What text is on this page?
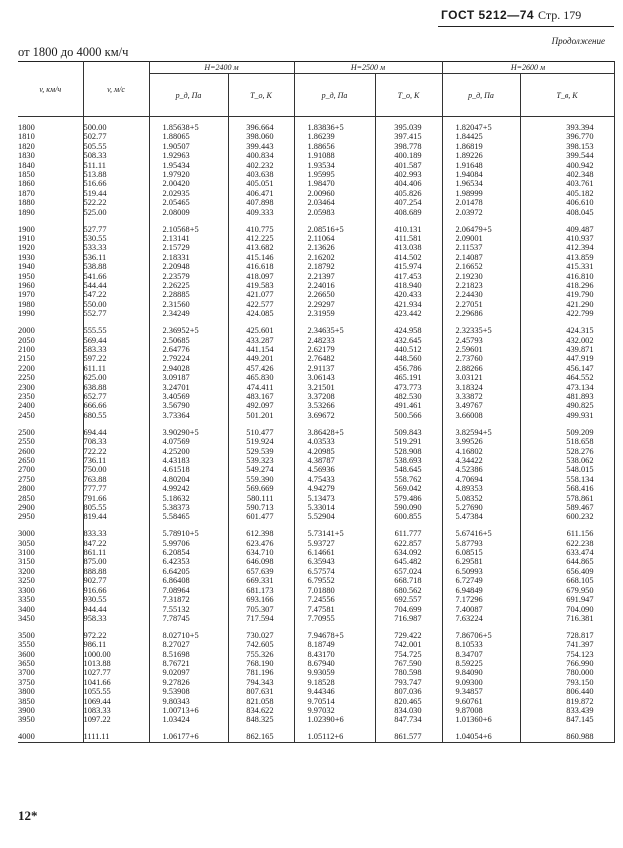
ГОСТ 5212—74 Стр. 179
Продолжение
от 1800 до 4000 км/ч
v, км/ч	v, м/с	H=2400 м		H=2500 м		H=2600 м	
		p_д, Па	T_о, К	p_д, Па	T_о, К	p_д, Па	T_в, К

1800	500.00	1.85638+5	396.664	1.83836+5	395.039	1.82047+5	393.394
1810	502.77	1.88065	398.060	1.86239	397.415	1.84425	396.770
1820	505.55	1.90507	399.443	1.88656	398.778	1.86819	398.153
1830	508.33	1.92963	400.834	1.91088	400.189	1.89226	399.544
1840	511.11	1.95434	402.232	1.93534	401.587	1.91648	400.942
1850	513.88	1.97920	403.638	1.95995	402.993	1.94084	402.348
1860	516.66	2.00420	405.051	1.98470	404.406	1.96534	403.761
1870	519.44	2.02935	406.471	2.00960	405.826	1.98999	405.182
1880	522.22	2.05465	407.898	2.03464	407.254	2.01478	406.610
1890	525.00	2.08009	409.333	2.05983	408.689	2.03972	408.045

1900	527.77	2.10568+5	410.775	2.08516+5	410.131	2.06479+5	409.487
1910	530.55	2.13141	412.225	2.11064	411.581	2.09001	410.937
1920	533.33	2.15729	413.682	2.13626	413.038	2.11537	412.394
1930	536.11	2.18331	415.146	2.16202	414.502	2.14087	413.859
1940	538.88	2.20948	416.618	2.18792	415.974	2.16652	415.331
1950	541.66	2.23579	418.097	2.21397	417.453	2.19230	416.810
1960	544.44	2.26225	419.583	2.24016	418.940	2.21823	418.296
1970	547.22	2.28885	421.077	2.26650	420.433	2.24430	419.790
1980	550.00	2.31560	422.577	2.29297	421.934	2.27051	421.290
1990	552.77	2.34249	424.085	2.31959	423.442	2.29686	422.799

2000	555.55	2.36952+5	425.601	2.34635+5	424.958	2.32335+5	424.315
2050	569.44	2.50685	433.287	2.48233	432.645	2.45793	432.002
2100	583.33	2.64776	441.154	2.62179	440.512	2.59601	439.871
2150	597.22	2.79224	449.201	2.76482	448.560	2.73760	447.919
2200	611.11	2.94028	457.426	2.91137	456.786	2.88266	456.147
2250	625.00	3.09187	465.830	3.06143	465.191	3.03121	464.552
2300	638.88	3.24701	474.411	3.21501	473.773	3.18324	473.134
2350	652.77	3.40569	483.167	3.37208	482.530	3.33872	481.893
2400	666.66	3.56790	492.097	3.53266	491.461	3.49767	490.825
2450	680.55	3.73364	501.201	3.69672	500.566	3.66008	499.931

2500	694.44	3.90290+5	510.477	3.86428+5	509.843	3.82594+5	509.209
2550	708.33	4.07569	519.924	4.03533	519.291	3.99526	518.658
2600	722.22	4.25200	529.539	4.20985	528.908	4.16802	528.276
2650	736.11	4.43183	539.323	4.38787	538.693	4.34422	538.062
2700	750.00	4.61518	549.274	4.56936	548.645	4.52386	548.015
2750	763.88	4.80204	559.390	4.75433	558.762	4.70694	558.134
2800	777.77	4.99242	569.669	4.94279	569.042	4.89353	568.416
2850	791.66	5.18632	580.111	5.13473	579.486	5.08352	578.861
2900	805.55	5.38373	590.713	5.33014	590.090	5.27690	589.467
2950	819.44	5.58465	601.477	5.52904	600.855	5.47384	600.232

3000	833.33	5.78910+5	612.398	5.73141+5	611.777	5.67416+5	611.156
3050	847.22	5.99706	623.476	5.93727	622.857	5.87793	622.238
3100	861.11	6.20854	634.710	6.14661	634.092	6.08515	633.474
3150	875.00	6.42353	646.098	6.35943	645.482	6.29581	644.865
3200	888.88	6.64205	657.639	6.57574	657.024	6.50993	656.409
3250	902.77	6.86408	669.331	6.79552	668.718	6.72749	668.105
3300	916.66	7.08964	681.173	7.01880	680.562	6.94849	679.950
3350	930.55	7.31872	693.166	7.24556	692.557	7.17296	691.947
3400	944.44	7.55132	705.307	7.47581	704.699	7.40087	704.090
3450	958.33	7.78745	717.594	7.70955	716.987	7.63224	716.381

3500	972.22	8.02710+5	730.027	7.94678+5	729.422	7.86706+5	728.817
3550	986.11	8.27027	742.605	8.18749	742.001	8.10533	741.397
3600	1000.00	8.51698	755.326	8.43170	754.725	8.34707	754.123
3650	1013.88	8.76721	768.190	8.67940	767.590	8.59225	766.990
3700	1027.77	9.02097	781.196	9.93059	780.598	9.84090	780.000
3750	1041.66	9.27826	794.343	9.18528	793.747	9.09300	793.150
3800	1055.55	9.53908	807.631	9.44346	807.036	9.34857	806.440
3850	1069.44	9.80343	821.058	9.70514	820.465	9.60761	819.872
3900	1083.33	1.00713+6	834.622	9.97032	834.030	9.87008	833.439
3950	1097.22	1.03424	848.325	1.02390+6	847.734	1.01360+6	847.145

4000	1111.11	1.06177+6	862.165	1.05112+6	861.577	1.04054+6	860.988
12*
